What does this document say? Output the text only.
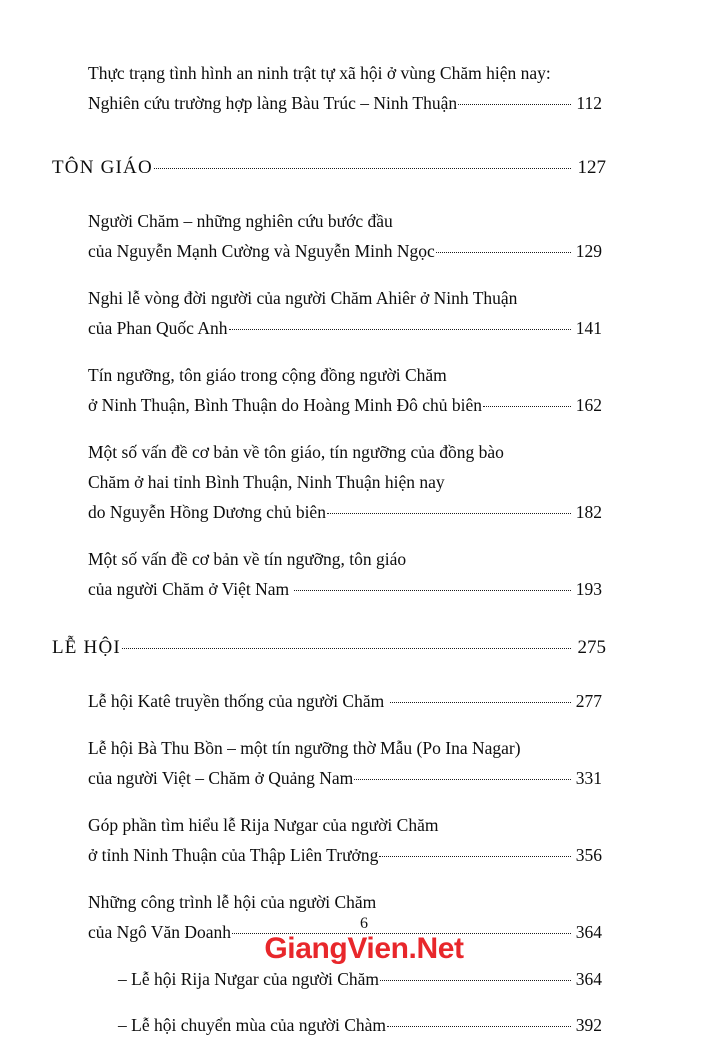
Thực trạng tình hình an ninh trật tự xã hội ở vùng Chăm hiện nay:
Nghiên cứu trường hợp làng Bàu Trúc – Ninh Thuận	112
TÔN GIÁO	127
Người Chăm – những nghiên cứu bước đầu
của Nguyễn Mạnh Cường và Nguyễn Minh Ngọc	129
Nghi lễ vòng đời người của người Chăm Ahiêr ở Ninh Thuận
của Phan Quốc Anh	141
Tín ngưỡng, tôn giáo trong cộng đồng người Chăm
ở Ninh Thuận, Bình Thuận do Hoàng Minh Đô chủ biên	162
Một số vấn đề cơ bản về tôn giáo, tín ngưỡng của đồng bào
Chăm ở hai tỉnh Bình Thuận, Ninh Thuận hiện nay
do Nguyễn Hồng Dương chủ biên	182
Một số vấn đề cơ bản về tín ngưỡng, tôn giáo
của người Chăm ở Việt Nam	193
LỄ HỘI	275
Lễ hội Katê truyền thống của người Chăm	277
Lễ hội Bà Thu Bồn – một tín ngưỡng thờ Mẫu (Po Ina Nagar)
của người Việt – Chăm ở Quảng Nam	331
Góp phần tìm hiểu lễ Rija Nưgar của người Chăm
ở tỉnh Ninh Thuận của Thập Liên Trưởng	356
Những công trình lễ hội của người Chăm
của Ngô Văn Doanh	364
– Lễ hội Rija Nưgar của người Chăm	364
– Lễ hội chuyển mùa của người Chàm	392
6
GiangVien.Net
